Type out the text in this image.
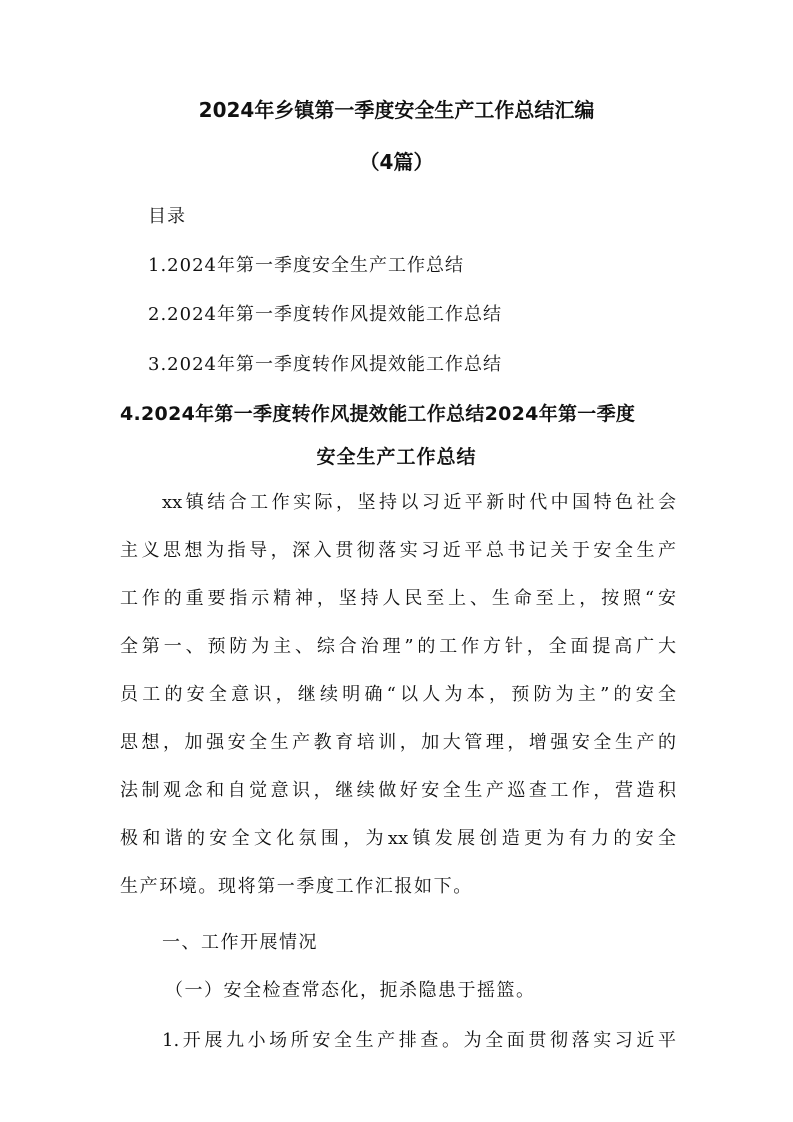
2024年乡镇第一季度安全生产工作总结汇编
（4篇）
目录
1.2024年第一季度安全生产工作总结
2.2024年第一季度转作风提效能工作总结
3.2024年第一季度转作风提效能工作总结
4.2024年第一季度转作风提效能工作总结2024年第一季度
安全生产工作总结
xx镇结合工作实际，坚持以习近平新时代中国特色社会
主义思想为指导，深入贯彻落实习近平总书记关于安全生产
工作的重要指示精神，坚持人民至上、生命至上，按照“安
全第一、预防为主、综合治理”的工作方针，全面提高广大
员工的安全意识，继续明确“以人为本，预防为主”的安全
思想，加强安全生产教育培训，加大管理，增强安全生产的
法制观念和自觉意识，继续做好安全生产巡查工作，营造积
极和谐的安全文化氛围，为xx镇发展创造更为有力的安全
生产环境。现将第一季度工作汇报如下。
一、工作开展情况
（一）安全检查常态化，扼杀隐患于摇篮。
1.开展九小场所安全生产排查。为全面贯彻落实习近平
